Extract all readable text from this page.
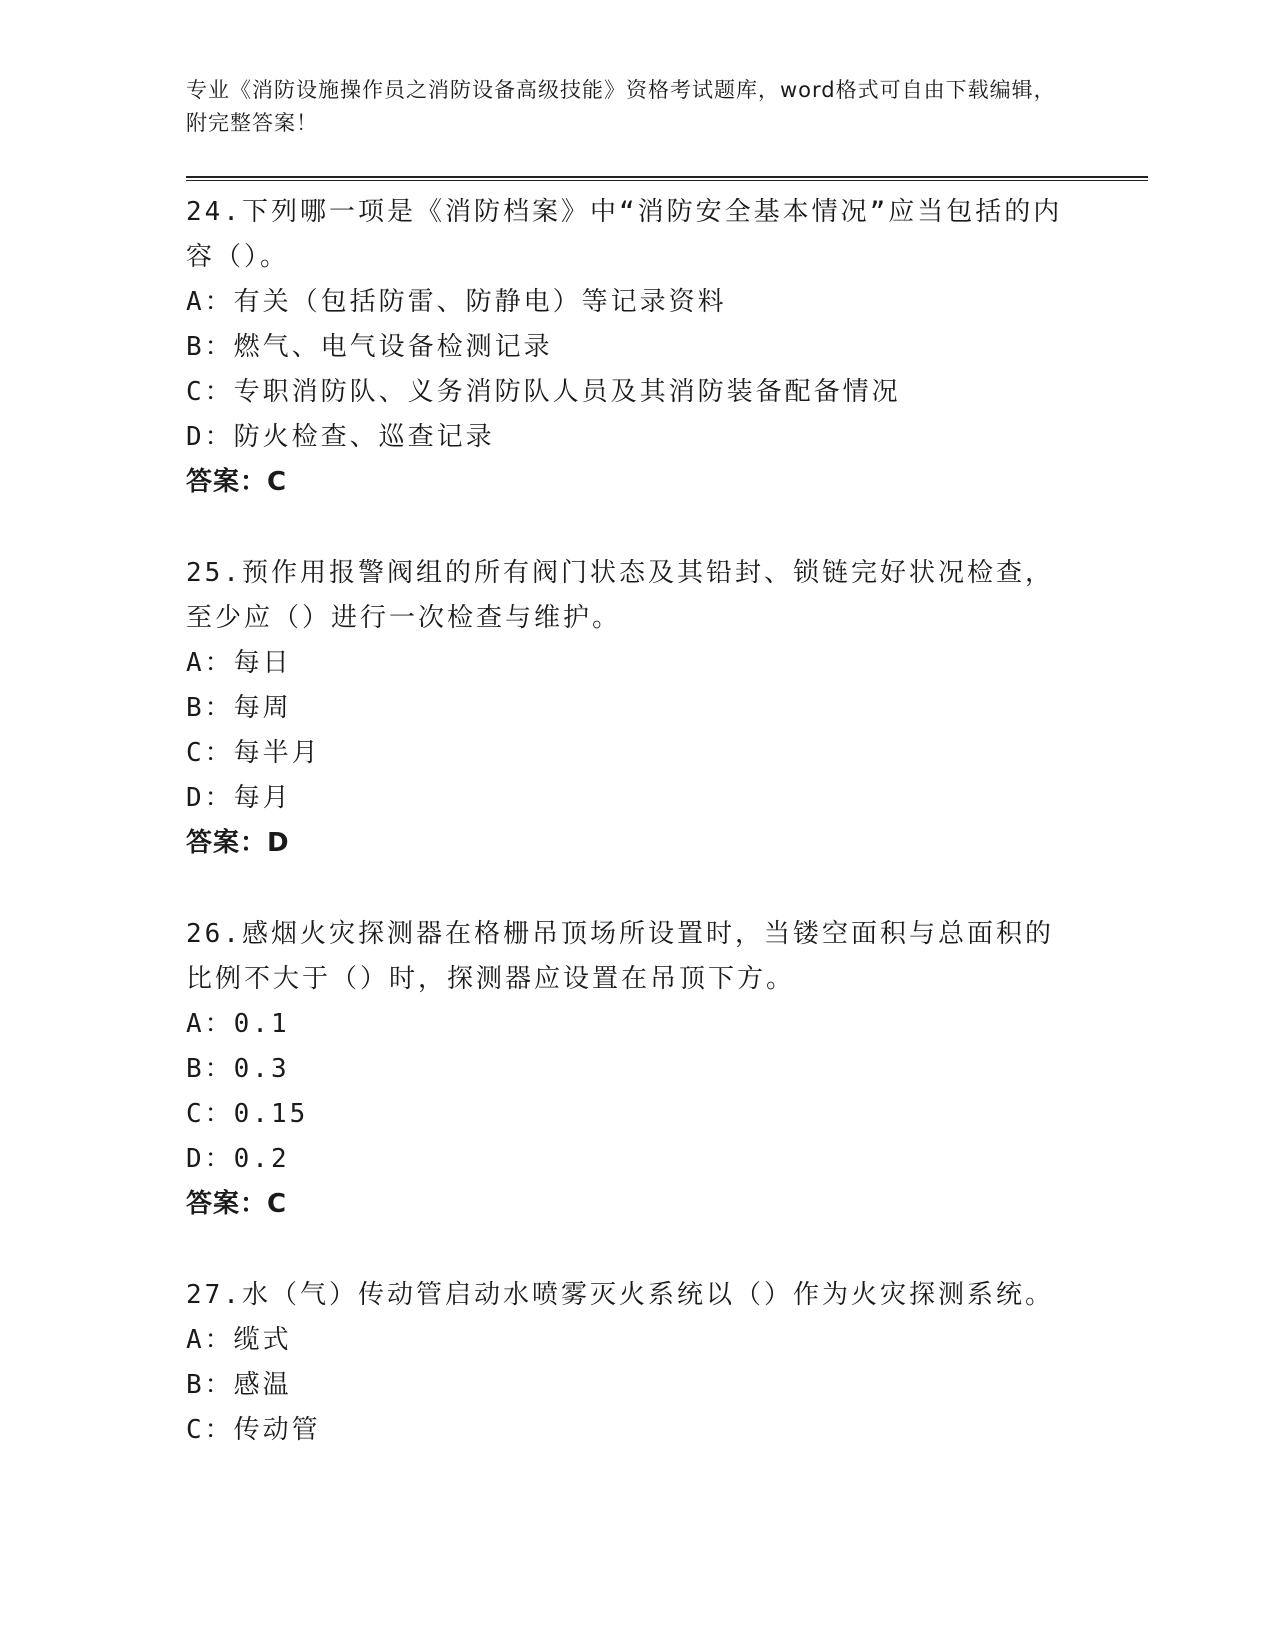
专业《消防设施操作员之消防设备高级技能》资格考试题库，word格式可自由下载编辑，附完整答案！
24.下列哪一项是《消防档案》中“消防安全基本情况”应当包括的内容（）。
A：有关（包括防雷、防静电）等记录资料
B：燃气、电气设备检测记录
C：专职消防队、义务消防队人员及其消防装备配备情况
D：防火检查、巡查记录
答案：C
25.预作用报警阀组的所有阀门状态及其铅封、锁链完好状况检查，至少应（）进行一次检查与维护。
A：每日
B：每周
C：每半月
D：每月
答案：D
26.感烟火灾探测器在格栅吊顶场所设置时，当镂空面积与总面积的比例不大于（）时，探测器应设置在吊顶下方。
A：0.1
B：0.3
C：0.15
D：0.2
答案：C
27.水（气）传动管启动水喷雾灭火系统以（）作为火灾探测系统。
A：缆式
B：感温
C：传动管
